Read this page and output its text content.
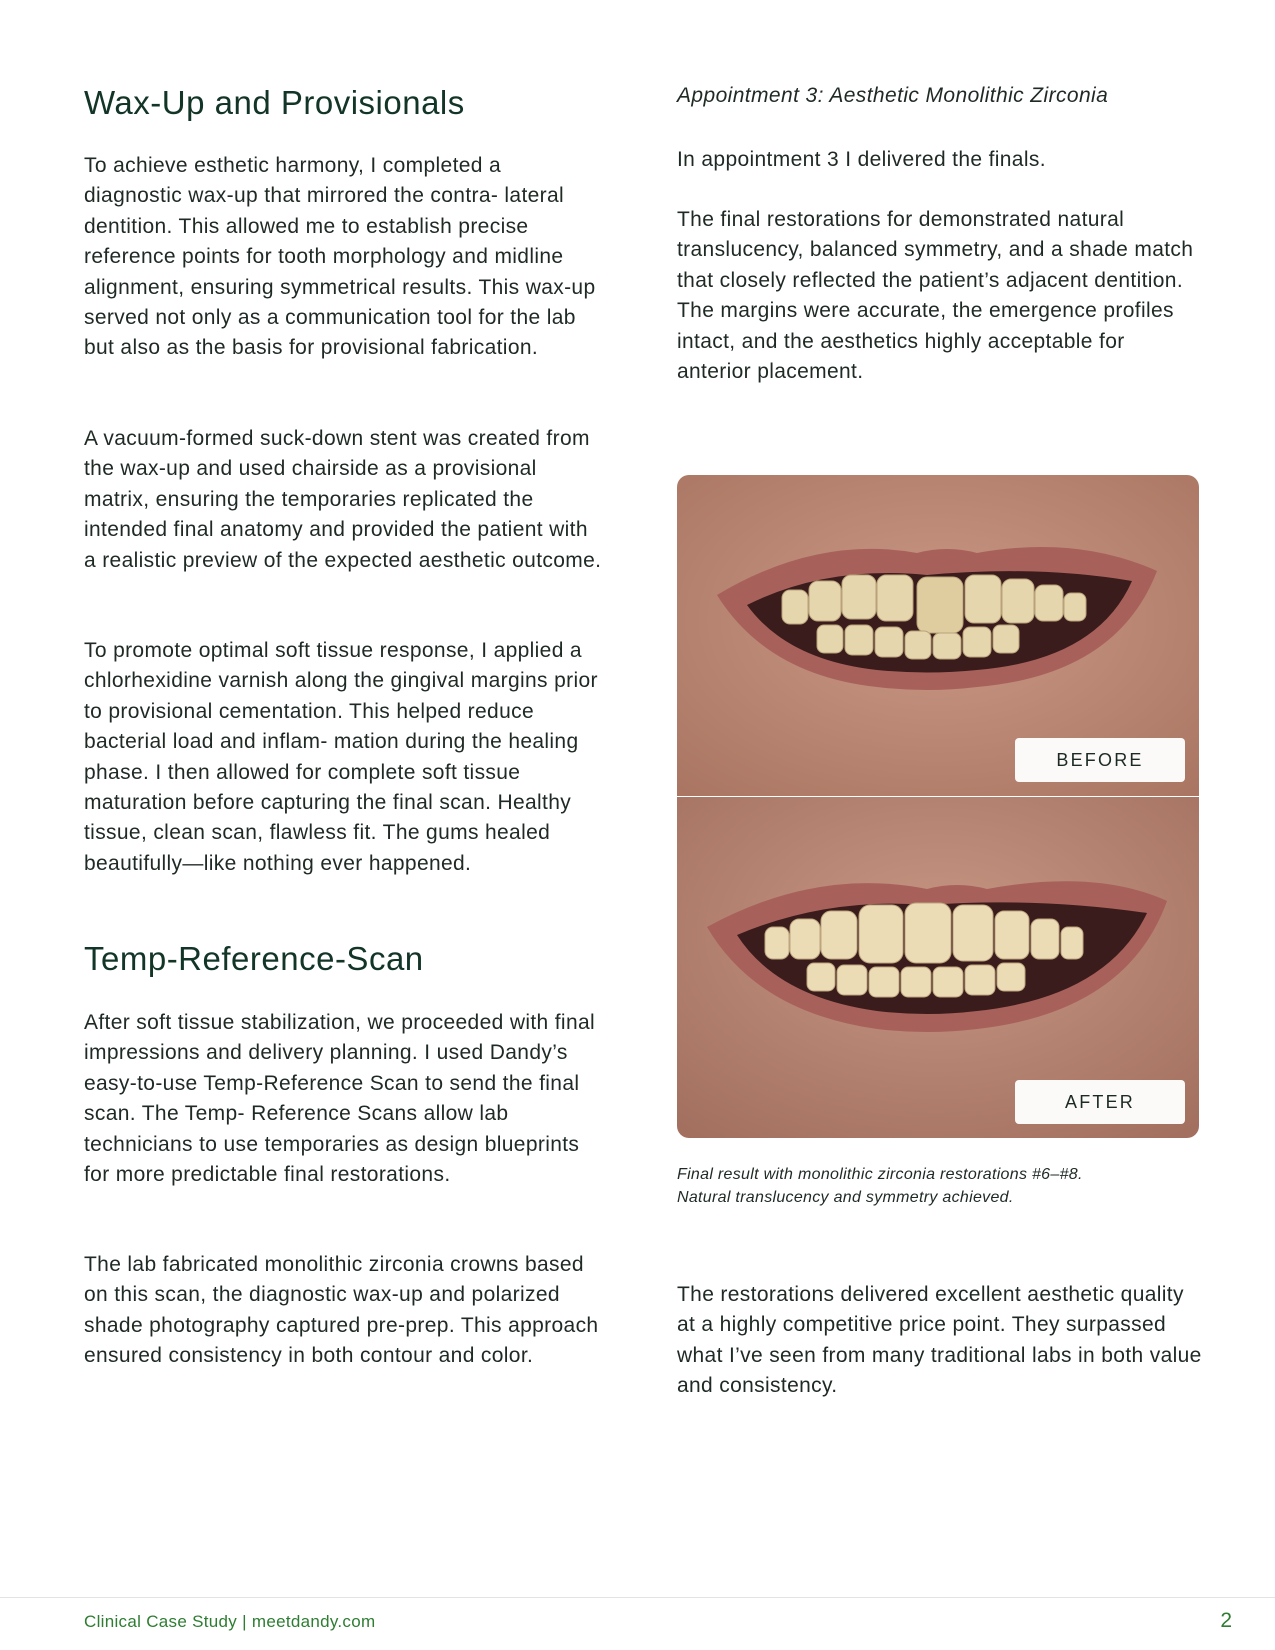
Wax-Up and Provisionals

To achieve esthetic harmony, I completed a diagnostic wax-up that mirrored the contra- lateral dentition. This allowed me to establish precise reference points for tooth morphology and midline alignment, ensuring symmetrical results. This wax-up served not only as a communication tool for the lab but also as the basis for provisional fabrication.

A vacuum-formed suck-down stent was created from the wax-up and used chairside as a provisional matrix, ensuring the temporaries replicated the intended final anatomy and provided the patient with a realistic preview of the expected aesthetic outcome.

To promote optimal soft tissue response, I applied a chlorhexidine varnish along the gingival margins prior to provisional cementation. This helped reduce bacterial load and inflam- mation during the healing phase. I then allowed for complete soft tissue maturation before capturing the final scan. Healthy tissue, clean scan, flawless fit. The gums healed beautifully—like nothing ever happened.

Temp-Reference-Scan

After soft tissue stabilization, we proceeded with final impressions and delivery planning. I used Dandy’s easy-to-use Temp-Reference Scan to send the final scan. The Temp- Reference Scans allow lab technicians to use temporaries as design blueprints for more predictable final restorations.

The lab fabricated monolithic zirconia crowns based on this scan, the diagnostic wax-up and polarized shade photography captured pre-prep. This approach ensured consistency in both contour and color.

Appointment 3: Aesthetic Monolithic Zirconia

In appointment 3 I delivered the finals.

The final restorations for demonstrated natural translucency, balanced symmetry, and a shade match that closely reflected the patient’s adjacent dentition. The margins were accurate, the emergence profiles intact, and the aesthetics highly acceptable for anterior placement.

The restorations delivered excellent aesthetic quality at a highly competitive price point. They surpassed what I’ve seen from many traditional labs in both value and consistency.

BEFORE
AFTER

Final result with monolithic zirconia restorations #6–#8.
Natural translucency and symmetry achieved.

Clinical Case Study | meetdandy.com	2
